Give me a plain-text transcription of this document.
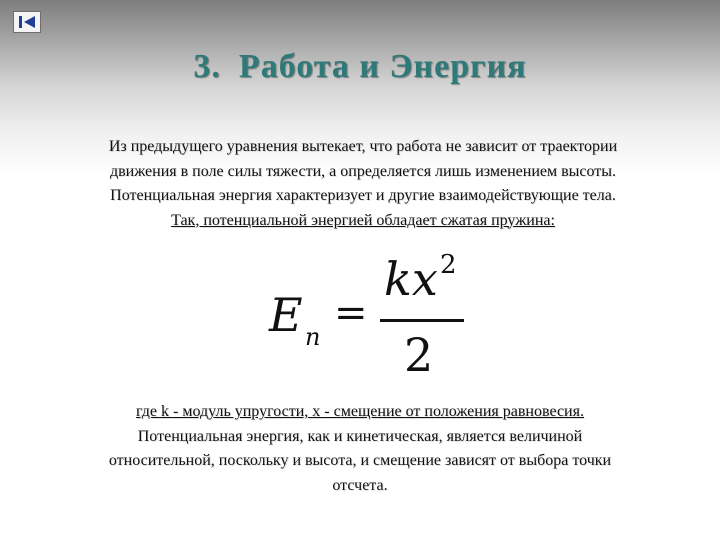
3. Работа и Энергия
Из предыдущего уравнения вытекает, что работа не зависит от траектории
движения в поле силы тяжести, а определяется лишь изменением высоты.
Потенциальная энергия характеризует и другие взаимодействующие тела.
Так, потенциальной энергией обладает сжатая пружина:
E п
=
kx 2
2
где k - модуль упругости, x - смещение от положения равновесия.
Потенциальная энергия, как и кинетическая, является величиной
относительной, поскольку и высота, и смещение зависят от выбора точки
отсчета.
